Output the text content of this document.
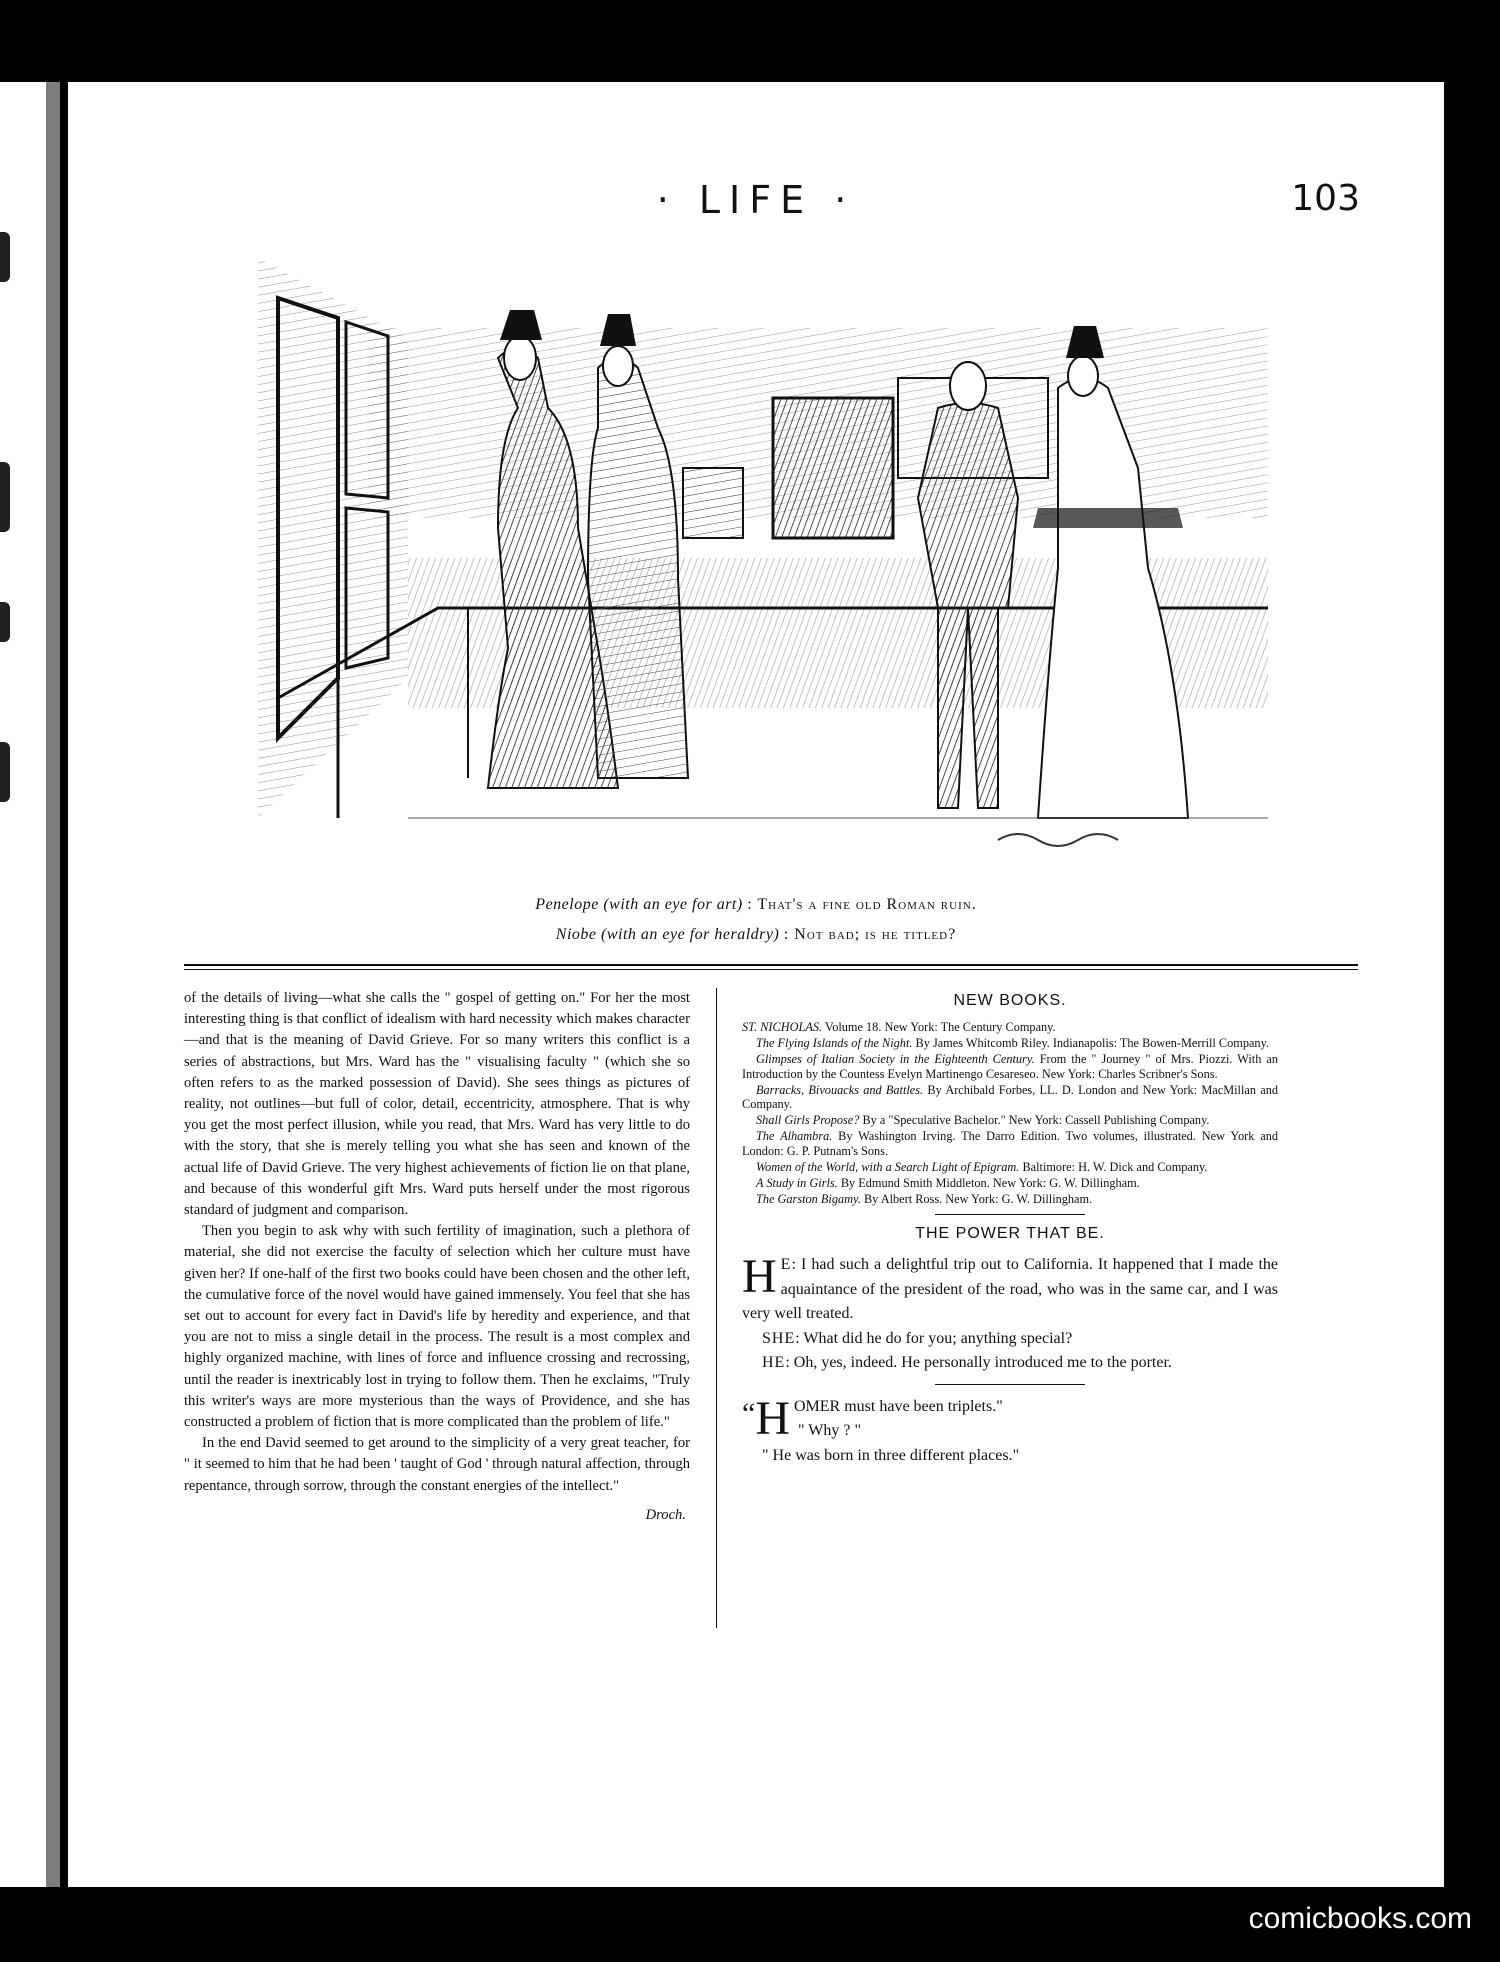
· LIFE ·	103
Penelope (with an eye for art) : That's a fine old Roman ruin.
Niobe (with an eye for heraldry) : Not bad; is he titled?

of the details of living—what she calls the " gospel of getting on." For her the most interesting thing is that conflict of idealism with hard necessity which makes character—and that is the meaning of David Grieve. For so many writers this conflict is a series of abstractions, but Mrs. Ward has the " visualising faculty " (which she so often refers to as the marked possession of David). She sees things as pictures of reality, not outlines—but full of color, detail, eccentricity, atmosphere. That is why you get the most perfect illusion, while you read, that Mrs. Ward has very little to do with the story, that she is merely telling you what she has seen and known of the actual life of David Grieve. The very highest achievements of fiction lie on that plane, and because of this wonderful gift Mrs. Ward puts herself under the most rigorous standard of judgment and comparison.

Then you begin to ask why with such fertility of imagination, such a plethora of material, she did not exercise the faculty of selection which her culture must have given her? If one-half of the first two books could have been chosen and the other left, the cumulative force of the novel would have gained immensely. You feel that she has set out to account for every fact in David's life by heredity and experience, and that you are not to miss a single detail in the process. The result is a most complex and highly organized machine, with lines of force and influence crossing and recrossing, until the reader is inextricably lost in trying to follow them. Then he exclaims, "Truly this writer's ways are more mysterious than the ways of Providence, and she has constructed a problem of fiction that is more complicated than the problem of life."

In the end David seemed to get around to the simplicity of a very great teacher, for " it seemed to him that he had been ' taught of God ' through natural affection, through repentance, through sorrow, through the constant energies of the intellect."

Droch.
NEW BOOKS.

ST. NICHOLAS. Volume 18. New York: The Century Company.

The Flying Islands of the Night. By James Whitcomb Riley. Indianapolis: The Bowen-Merrill Company.

Glimpses of Italian Society in the Eighteenth Century. From the " Journey " of Mrs. Piozzi. With an Introduction by the Countess Evelyn Martinengo Cesareseo. New York: Charles Scribner's Sons.

Barracks, Bivouacks and Battles. By Archibald Forbes, LL. D. London and New York: MacMillan and Company.

Shall Girls Propose? By a "Speculative Bachelor." New York: Cassell Publishing Company.

The Alhambra. By Washington Irving. The Darro Edition. Two volumes, illustrated. New York and London: G. P. Putnam's Sons.

Women of the World, with a Search Light of Epigram. Baltimore: H. W. Dick and Company.

A Study in Girls. By Edmund Smith Middleton. New York: G. W. Dillingham.

The Garston Bigamy. By Albert Ross. New York: G. W. Dillingham.

THE POWER THAT BE.

H E: I had such a delightful trip out to California. It happened that I made the aquaintance of the president of the road, who was in the same car, and I was very well treated.

SHE: What did he do for you; anything special?

HE: Oh, yes, indeed. He personally introduced me to the porter.

“ H OMER must have been triplets."

" Why ? "

" He was born in three different places."

comicbooks.com
